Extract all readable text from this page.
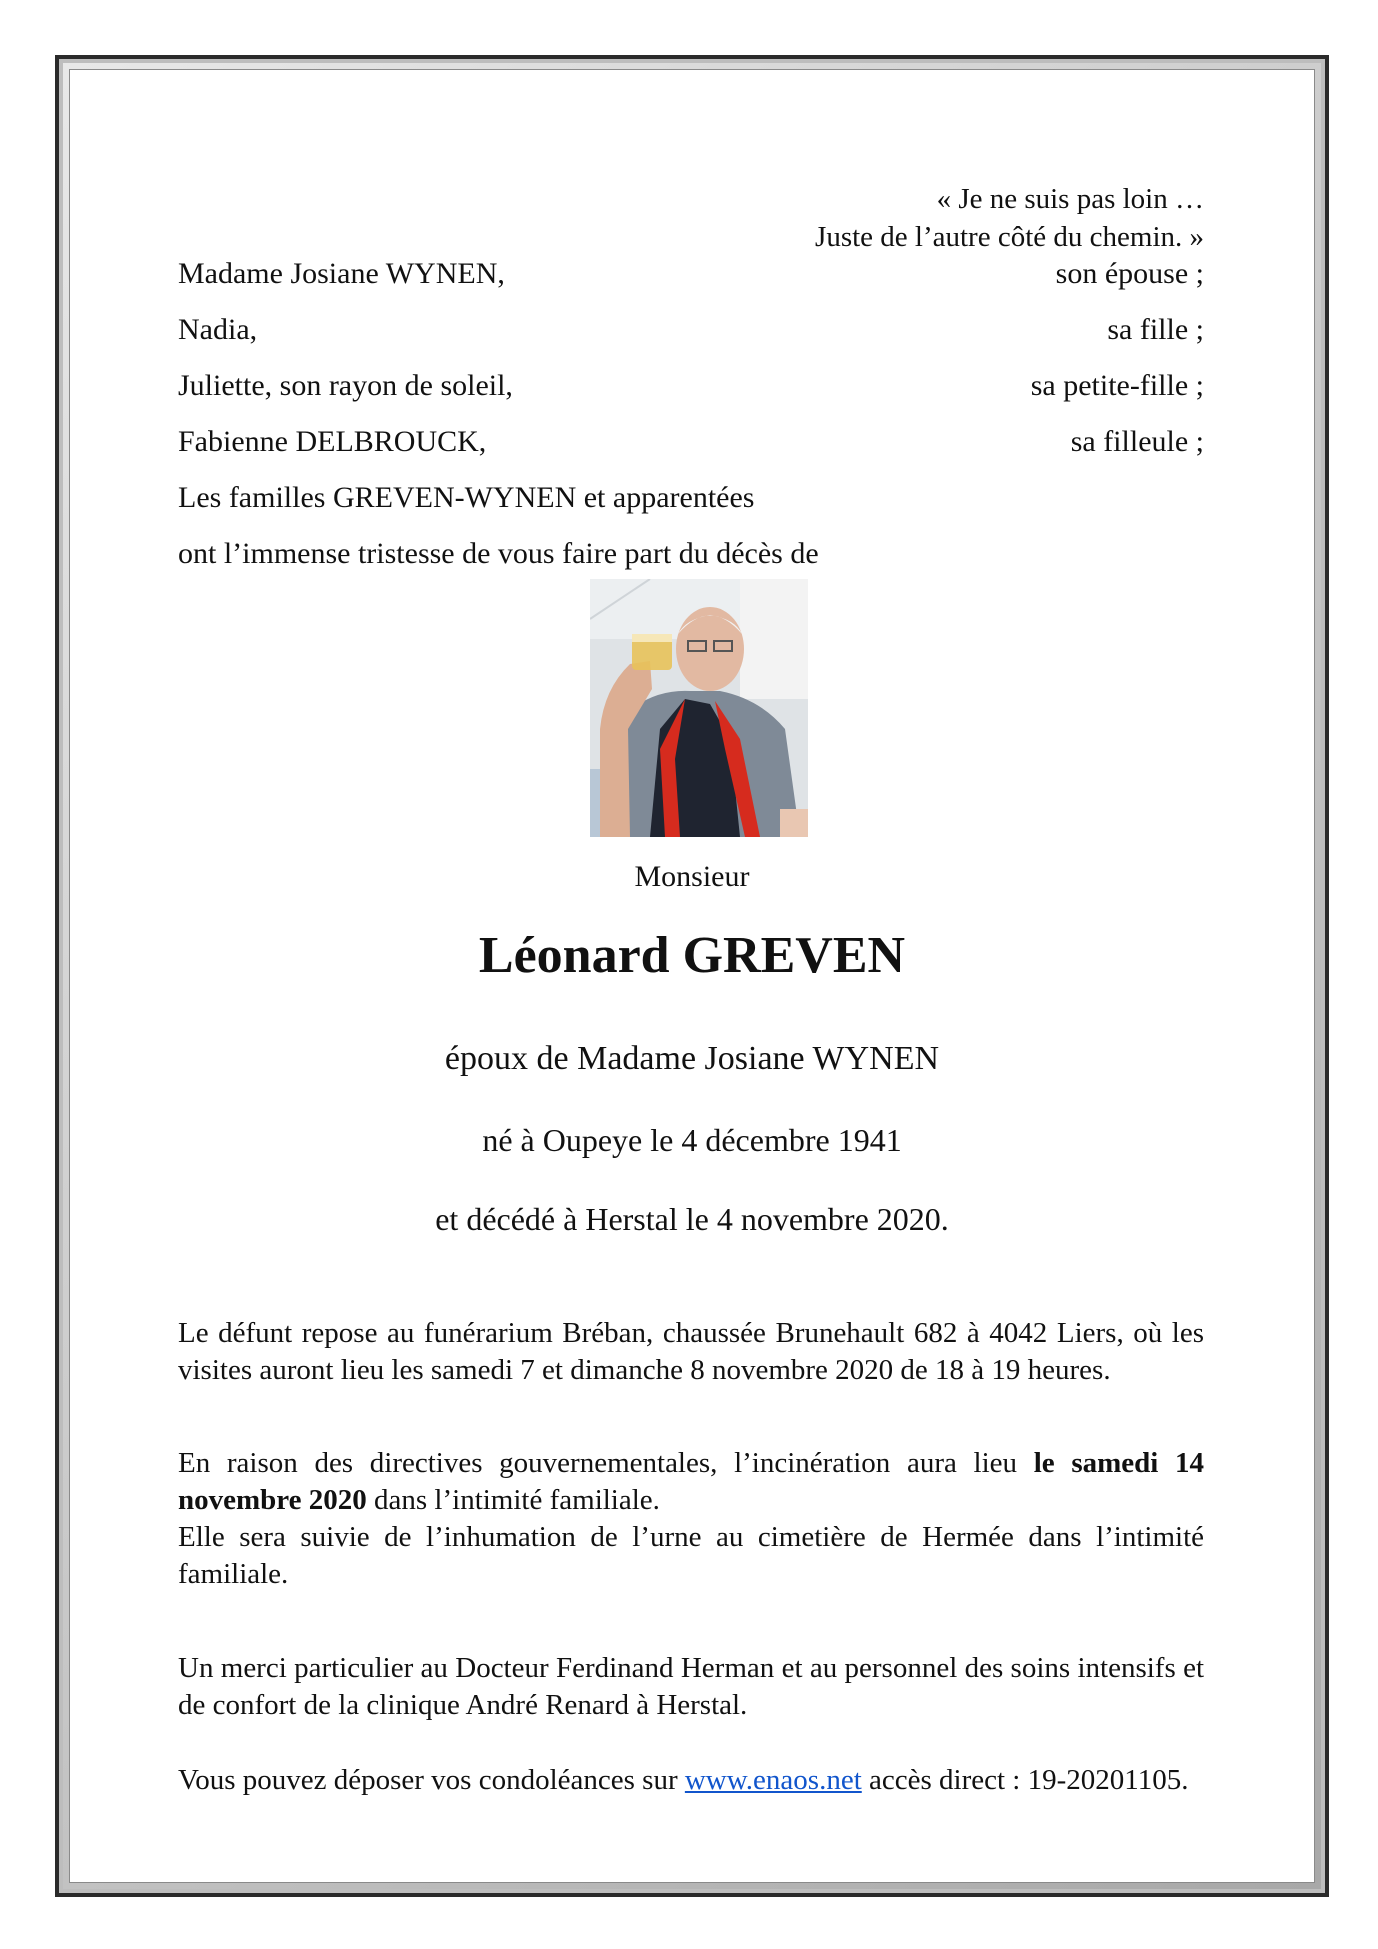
« Je ne suis pas loin …
Juste de l’autre côté du chemin. »
Madame Josiane WYNEN,	son épouse ;
Nadia,	sa fille ;
Juliette, son rayon de soleil,	sa petite-fille ;
Fabienne DELBROUCK,	sa filleule ;
Les familles GREVEN-WYNEN et apparentées
ont l’immense tristesse de vous faire part du décès de
Monsieur
Léonard GREVEN
époux de Madame Josiane WYNEN
né à Oupeye le 4 décembre 1941
et décédé à Herstal le 4 novembre 2020.
Le défunt repose au funérarium Bréban, chaussée Brunehault 682 à 4042 Liers, où les visites auront lieu les samedi 7 et dimanche 8 novembre 2020 de 18 à 19 heures.
En raison des directives gouvernementales, l’incinération aura lieu le samedi 14 novembre 2020 dans l’intimité familiale.
Elle sera suivie de l’inhumation de l’urne au cimetière de Hermée dans l’intimité familiale.
Un merci particulier au Docteur Ferdinand Herman et au personnel des soins intensifs et de confort de la clinique André Renard à Herstal.
Vous pouvez déposer vos condoléances sur www.enaos.net accès direct : 19-20201105.
